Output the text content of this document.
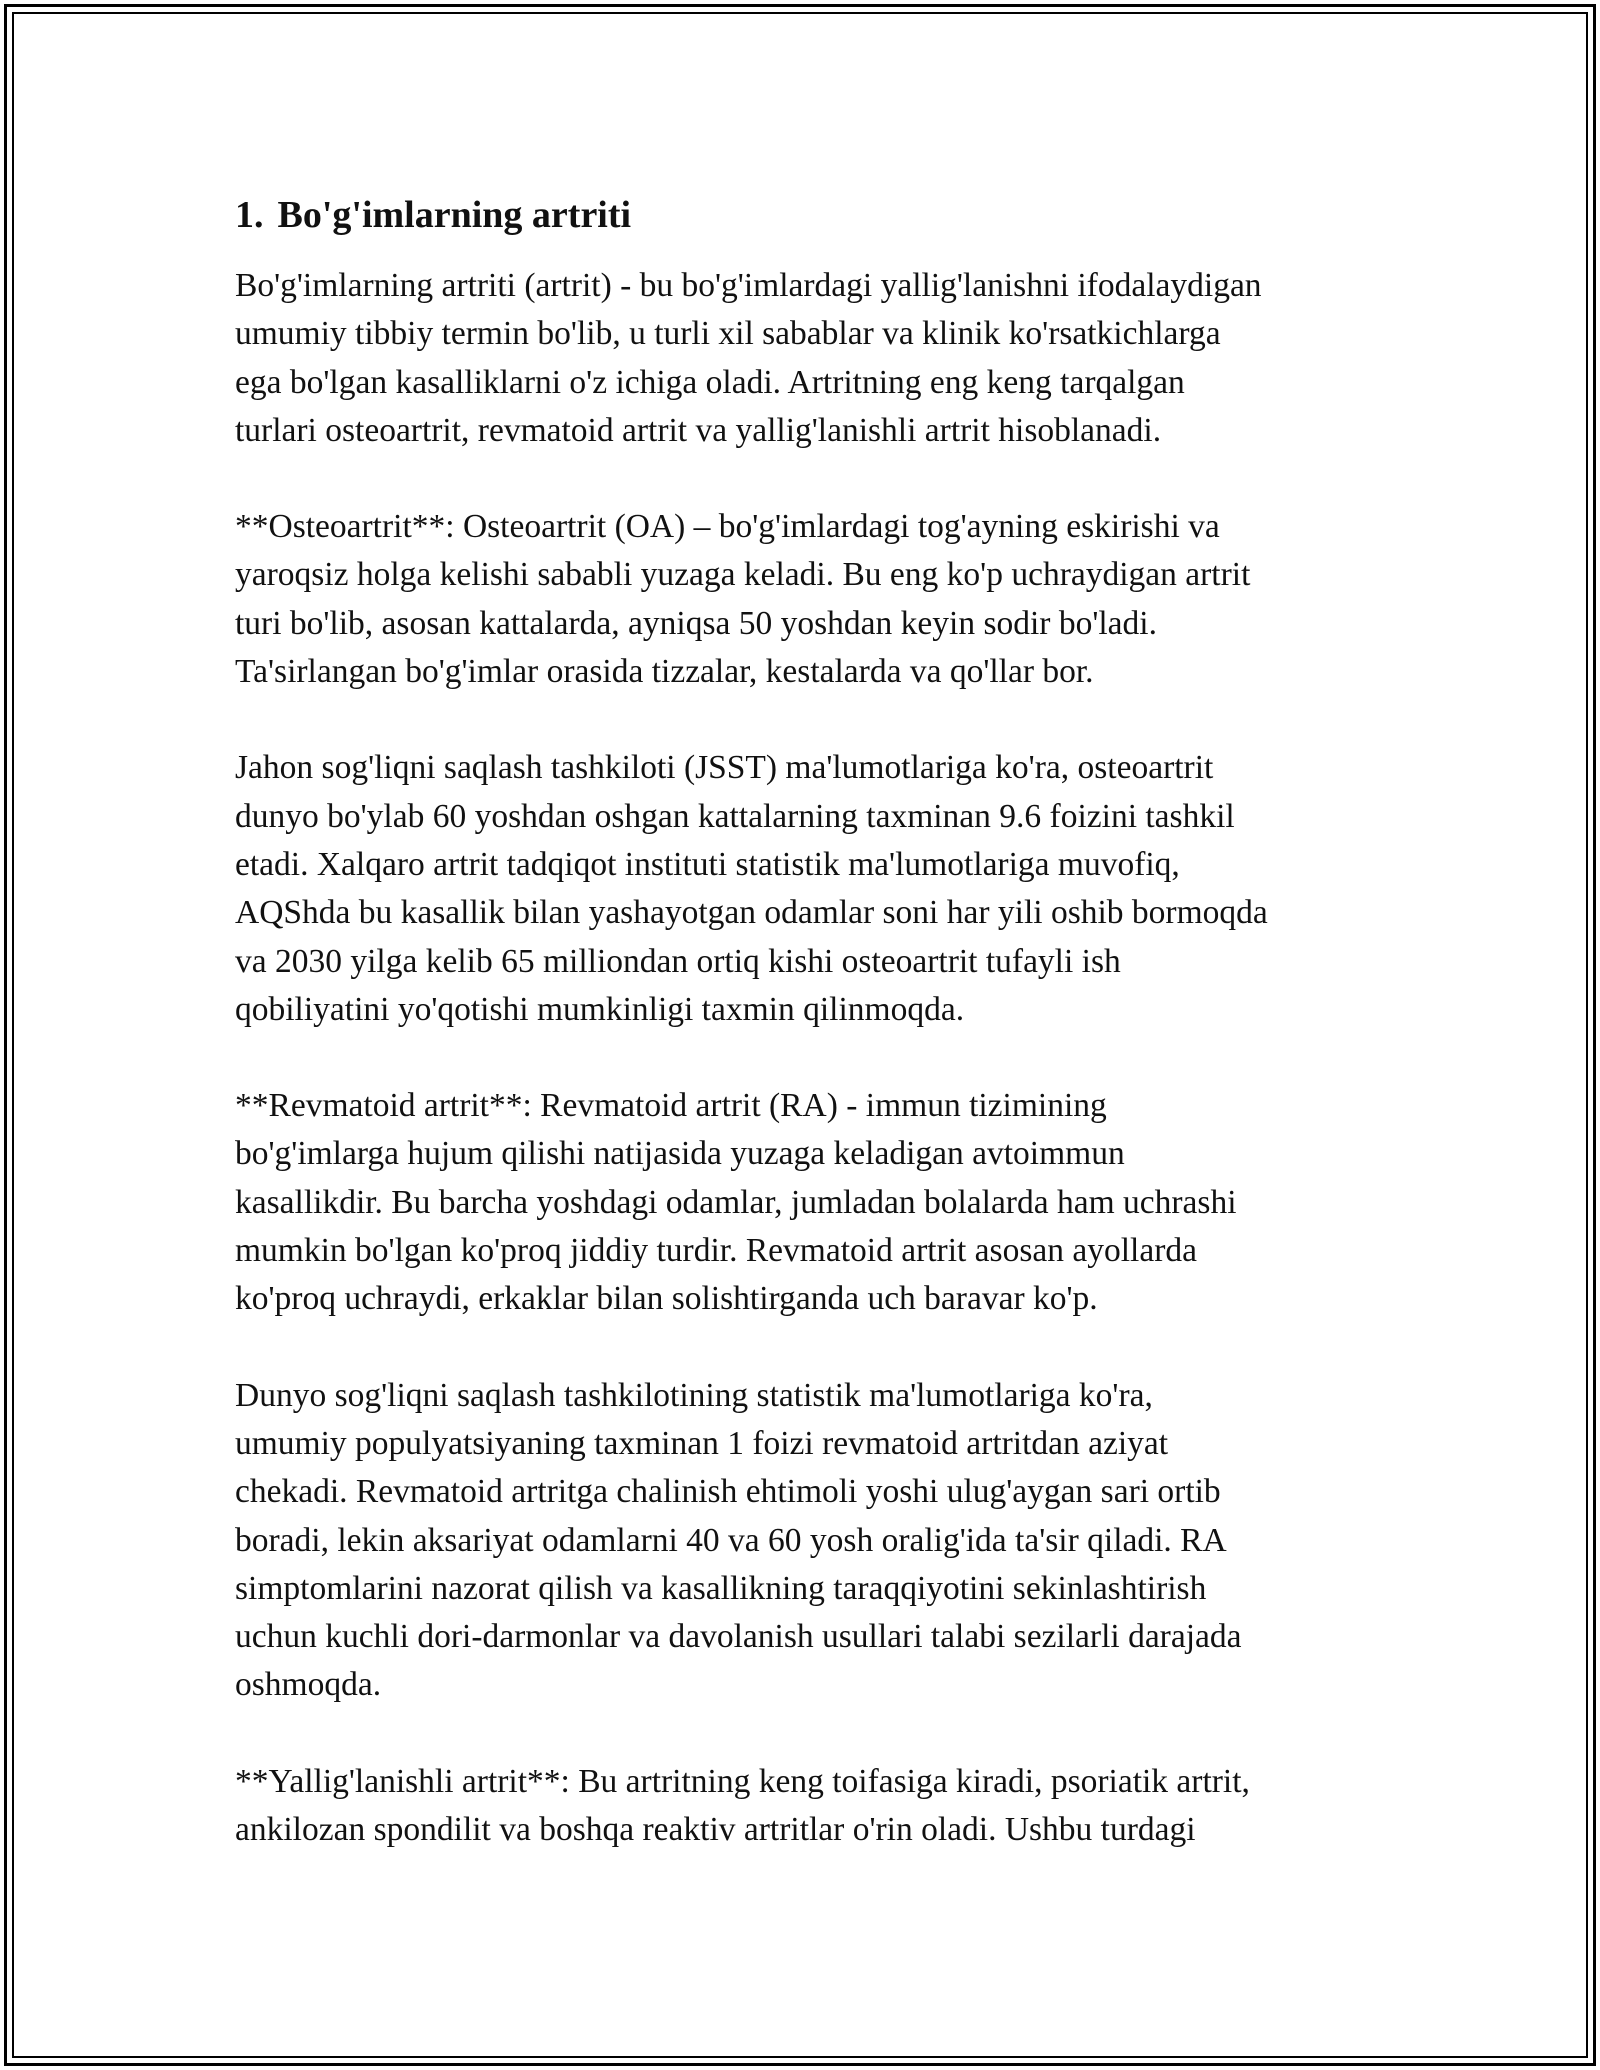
1. Bo'g'imlarning artriti

Bo'g'imlarning artriti (artrit) - bu bo'g'imlardagi yallig'lanishni ifodalaydigan
umumiy tibbiy termin bo'lib, u turli xil sabablar va klinik ko'rsatkichlarga
ega bo'lgan kasalliklarni o'z ichiga oladi. Artritning eng keng tarqalgan
turlari osteoartrit, revmatoid artrit va yallig'lanishli artrit hisoblanadi.

**Osteoartrit**: Osteoartrit (OA) – bo'g'imlardagi tog'ayning eskirishi va
yaroqsiz holga kelishi sababli yuzaga keladi. Bu eng ko'p uchraydigan artrit
turi bo'lib, asosan kattalarda, ayniqsa 50 yoshdan keyin sodir bo'ladi.
Ta'sirlangan bo'g'imlar orasida tizzalar, kestalarda va qo'llar bor.

Jahon sog'liqni saqlash tashkiloti (JSST) ma'lumotlariga ko'ra, osteoartrit
dunyo bo'ylab 60 yoshdan oshgan kattalarning taxminan 9.6 foizini tashkil
etadi. Xalqaro artrit tadqiqot instituti statistik ma'lumotlariga muvofiq,
AQShda bu kasallik bilan yashayotgan odamlar soni har yili oshib bormoqda
va 2030 yilga kelib 65 milliondan ortiq kishi osteoartrit tufayli ish
qobiliyatini yo'qotishi mumkinligi taxmin qilinmoqda.

**Revmatoid artrit**: Revmatoid artrit (RA) - immun tizimining
bo'g'imlarga hujum qilishi natijasida yuzaga keladigan avtoimmun
kasallikdir. Bu barcha yoshdagi odamlar, jumladan bolalarda ham uchrashi
mumkin bo'lgan ko'proq jiddiy turdir. Revmatoid artrit asosan ayollarda
ko'proq uchraydi, erkaklar bilan solishtirganda uch baravar ko'p.

Dunyo sog'liqni saqlash tashkilotining statistik ma'lumotlariga ko'ra,
umumiy populyatsiyaning taxminan 1 foizi revmatoid artritdan aziyat
chekadi. Revmatoid artritga chalinish ehtimoli yoshi ulug'aygan sari ortib
boradi, lekin aksariyat odamlarni 40 va 60 yosh oralig'ida ta'sir qiladi. RA
simptomlarini nazorat qilish va kasallikning taraqqiyotini sekinlashtirish
uchun kuchli dori-darmonlar va davolanish usullari talabi sezilarli darajada
oshmoqda.

**Yallig'lanishli artrit**: Bu artritning keng toifasiga kiradi, psoriatik artrit,
ankilozan spondilit va boshqa reaktiv artritlar o'rin oladi. Ushbu turdagi
